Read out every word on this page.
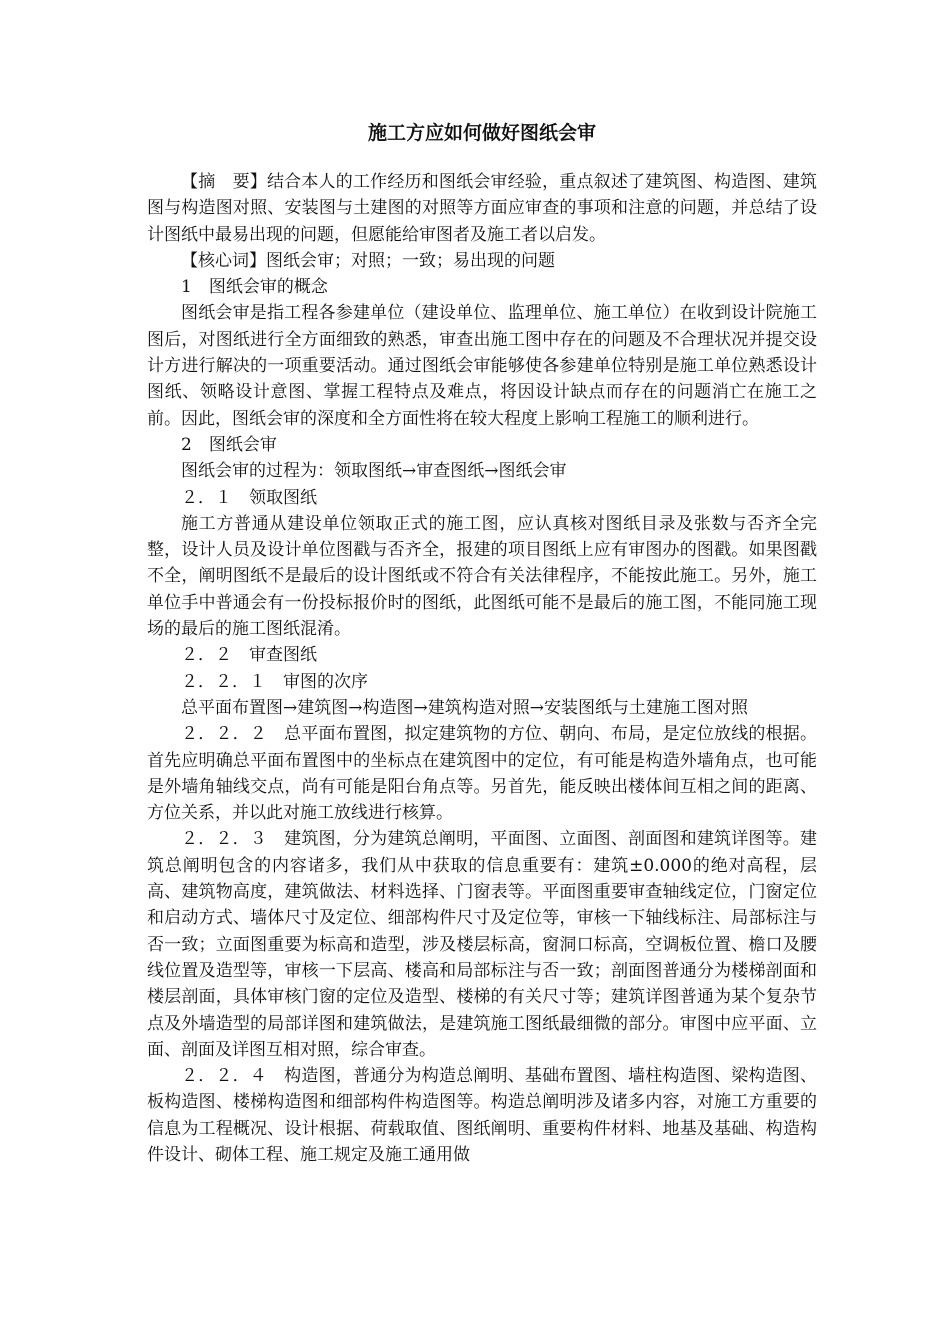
施工方应如何做好图纸会审

【摘　要】结合本人的工作经历和图纸会审经验，重点叙述了建筑图、构造图、建筑图与构造图对照、安装图与土建图的对照等方面应审查的事项和注意的问题，并总结了设计图纸中最易出现的问题，但愿能给审图者及施工者以启发。

【核心词】图纸会审；对照；一致；易出现的问题

1　图纸会审的概念

图纸会审是指工程各参建单位（建设单位、监理单位、施工单位）在收到设计院施工图后，对图纸进行全方面细致的熟悉，审查出施工图中存在的问题及不合理状况并提交设计方进行解决的一项重要活动。通过图纸会审能够使各参建单位特别是施工单位熟悉设计图纸、领略设计意图、掌握工程特点及难点，将因设计缺点而存在的问题消亡在施工之前。因此，图纸会审的深度和全方面性将在较大程度上影响工程施工的顺利进行。

2　图纸会审

图纸会审的过程为：领取图纸→审查图纸→图纸会审

２．１　领取图纸

施工方普通从建设单位领取正式的施工图，应认真核对图纸目录及张数与否齐全完整，设计人员及设计单位图戳与否齐全，报建的项目图纸上应有审图办的图戳。如果图戳不全，阐明图纸不是最后的设计图纸或不符合有关法律程序，不能按此施工。另外，施工单位手中普通会有一份投标报价时的图纸，此图纸可能不是最后的施工图，不能同施工现场的最后的施工图纸混淆。

２．２　审查图纸

２．２．１　审图的次序

总平面布置图→建筑图→构造图→建筑构造对照→安装图纸与土建施工图对照

２．２．２　总平面布置图，拟定建筑物的方位、朝向、布局，是定位放线的根据。首先应明确总平面布置图中的坐标点在建筑图中的定位，有可能是构造外墙角点，也可能是外墙角轴线交点，尚有可能是阳台角点等。另首先，能反映出楼体间互相之间的距离、方位关系，并以此对施工放线进行核算。

２．２．３　建筑图，分为建筑总阐明，平面图、立面图、剖面图和建筑详图等。建筑总阐明包含的内容诸多，我们从中获取的信息重要有：建筑±0.000的绝对高程，层高、建筑物高度，建筑做法、材料选择、门窗表等。平面图重要审查轴线定位，门窗定位和启动方式、墙体尺寸及定位、细部构件尺寸及定位等，审核一下轴线标注、局部标注与否一致；立面图重要为标高和造型，涉及楼层标高，窗洞口标高，空调板位置、檐口及腰线位置及造型等，审核一下层高、楼高和局部标注与否一致；剖面图普通分为楼梯剖面和楼层剖面，具体审核门窗的定位及造型、楼梯的有关尺寸等；建筑详图普通为某个复杂节点及外墙造型的局部详图和建筑做法，是建筑施工图纸最细微的部分。审图中应平面、立面、剖面及详图互相对照，综合审查。

２．２．４　构造图，普通分为构造总阐明、基础布置图、墙柱构造图、梁构造图、板构造图、楼梯构造图和细部构件构造图等。构造总阐明涉及诸多内容，对施工方重要的信息为工程概况、设计根据、荷载取值、图纸阐明、重要构件材料、地基及基础、构造构件设计、砌体工程、施工规定及施工通用做
